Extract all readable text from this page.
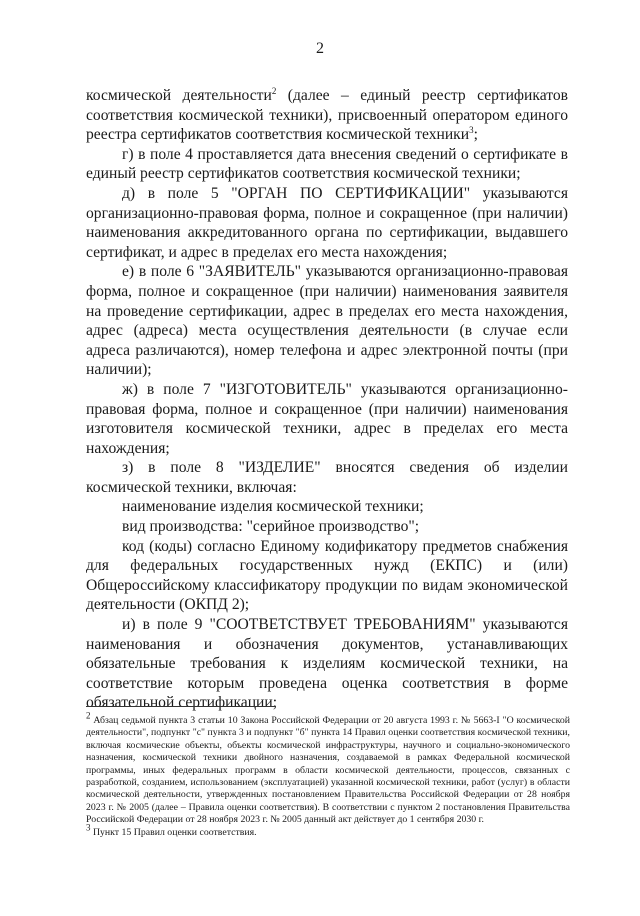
2

космической деятельности$^2$ (далее – единый реестр сертификатов соответствия космической техники), присвоенный оператором единого реестра сертификатов соответствия космической техники$^3$;

г) в поле 4 проставляется дата внесения сведений о сертификате в единый реестр сертификатов соответствия космической техники;

д) в поле 5 "ОРГАН ПО СЕРТИФИКАЦИИ" указываются организационно-правовая форма, полное и сокращенное (при наличии) наименования аккредитованного органа по сертификации, выдавшего сертификат, и адрес в пределах его места нахождения;

е) в поле 6 "ЗАЯВИТЕЛЬ" указываются организационно-правовая форма, полное и сокращенное (при наличии) наименования заявителя на проведение сертификации, адрес в пределах его места нахождения, адрес (адреса) места осуществления деятельности (в случае если адреса различаются), номер телефона и адрес электронной почты (при наличии);

ж) в поле 7 "ИЗГОТОВИТЕЛЬ" указываются организационно-правовая форма, полное и сокращенное (при наличии) наименования изготовителя космической техники, адрес в пределах его места нахождения;

з) в поле 8 "ИЗДЕЛИЕ" вносятся сведения об изделии космической техники, включая:

наименование изделия космической техники;

вид производства: "серийное производство";

код (коды) согласно Единому кодификатору предметов снабжения для федеральных государственных нужд (ЕКПС) и (или) Общероссийскому классификатору продукции по видам экономической деятельности (ОКПД 2);

и) в поле 9 "СООТВЕТСТВУЕТ ТРЕБОВАНИЯМ" указываются наименования и обозначения документов, устанавливающих обязательные требования к изделиям космической техники, на соответствие которым проведена оценка соответствия в форме обязательной сертификации;

$^2$ Абзац седьмой пункта 3 статьи 10 Закона Российской Федерации от 20 августа 1993 г. № 5663-I "О космической деятельности", подпункт "с" пункта 3 и подпункт "б" пункта 14 Правил оценки соответствия космической техники, включая космические объекты, объекты космической инфраструктуры, научного и социально-экономического назначения, космической техники двойного назначения, создаваемой в рамках Федеральной космической программы, иных федеральных программ в области космической деятельности, процессов, связанных с разработкой, созданием, использованием (эксплуатацией) указанной космической техники, работ (услуг) в области космической деятельности, утвержденных постановлением Правительства Российской Федерации от 28 ноября 2023 г. № 2005 (далее – Правила оценки соответствия). В соответствии с пунктом 2 постановления Правительства Российской Федерации от 28 ноября 2023 г. № 2005 данный акт действует до 1 сентября 2030 г.

$^3$ Пункт 15 Правил оценки соответствия.
